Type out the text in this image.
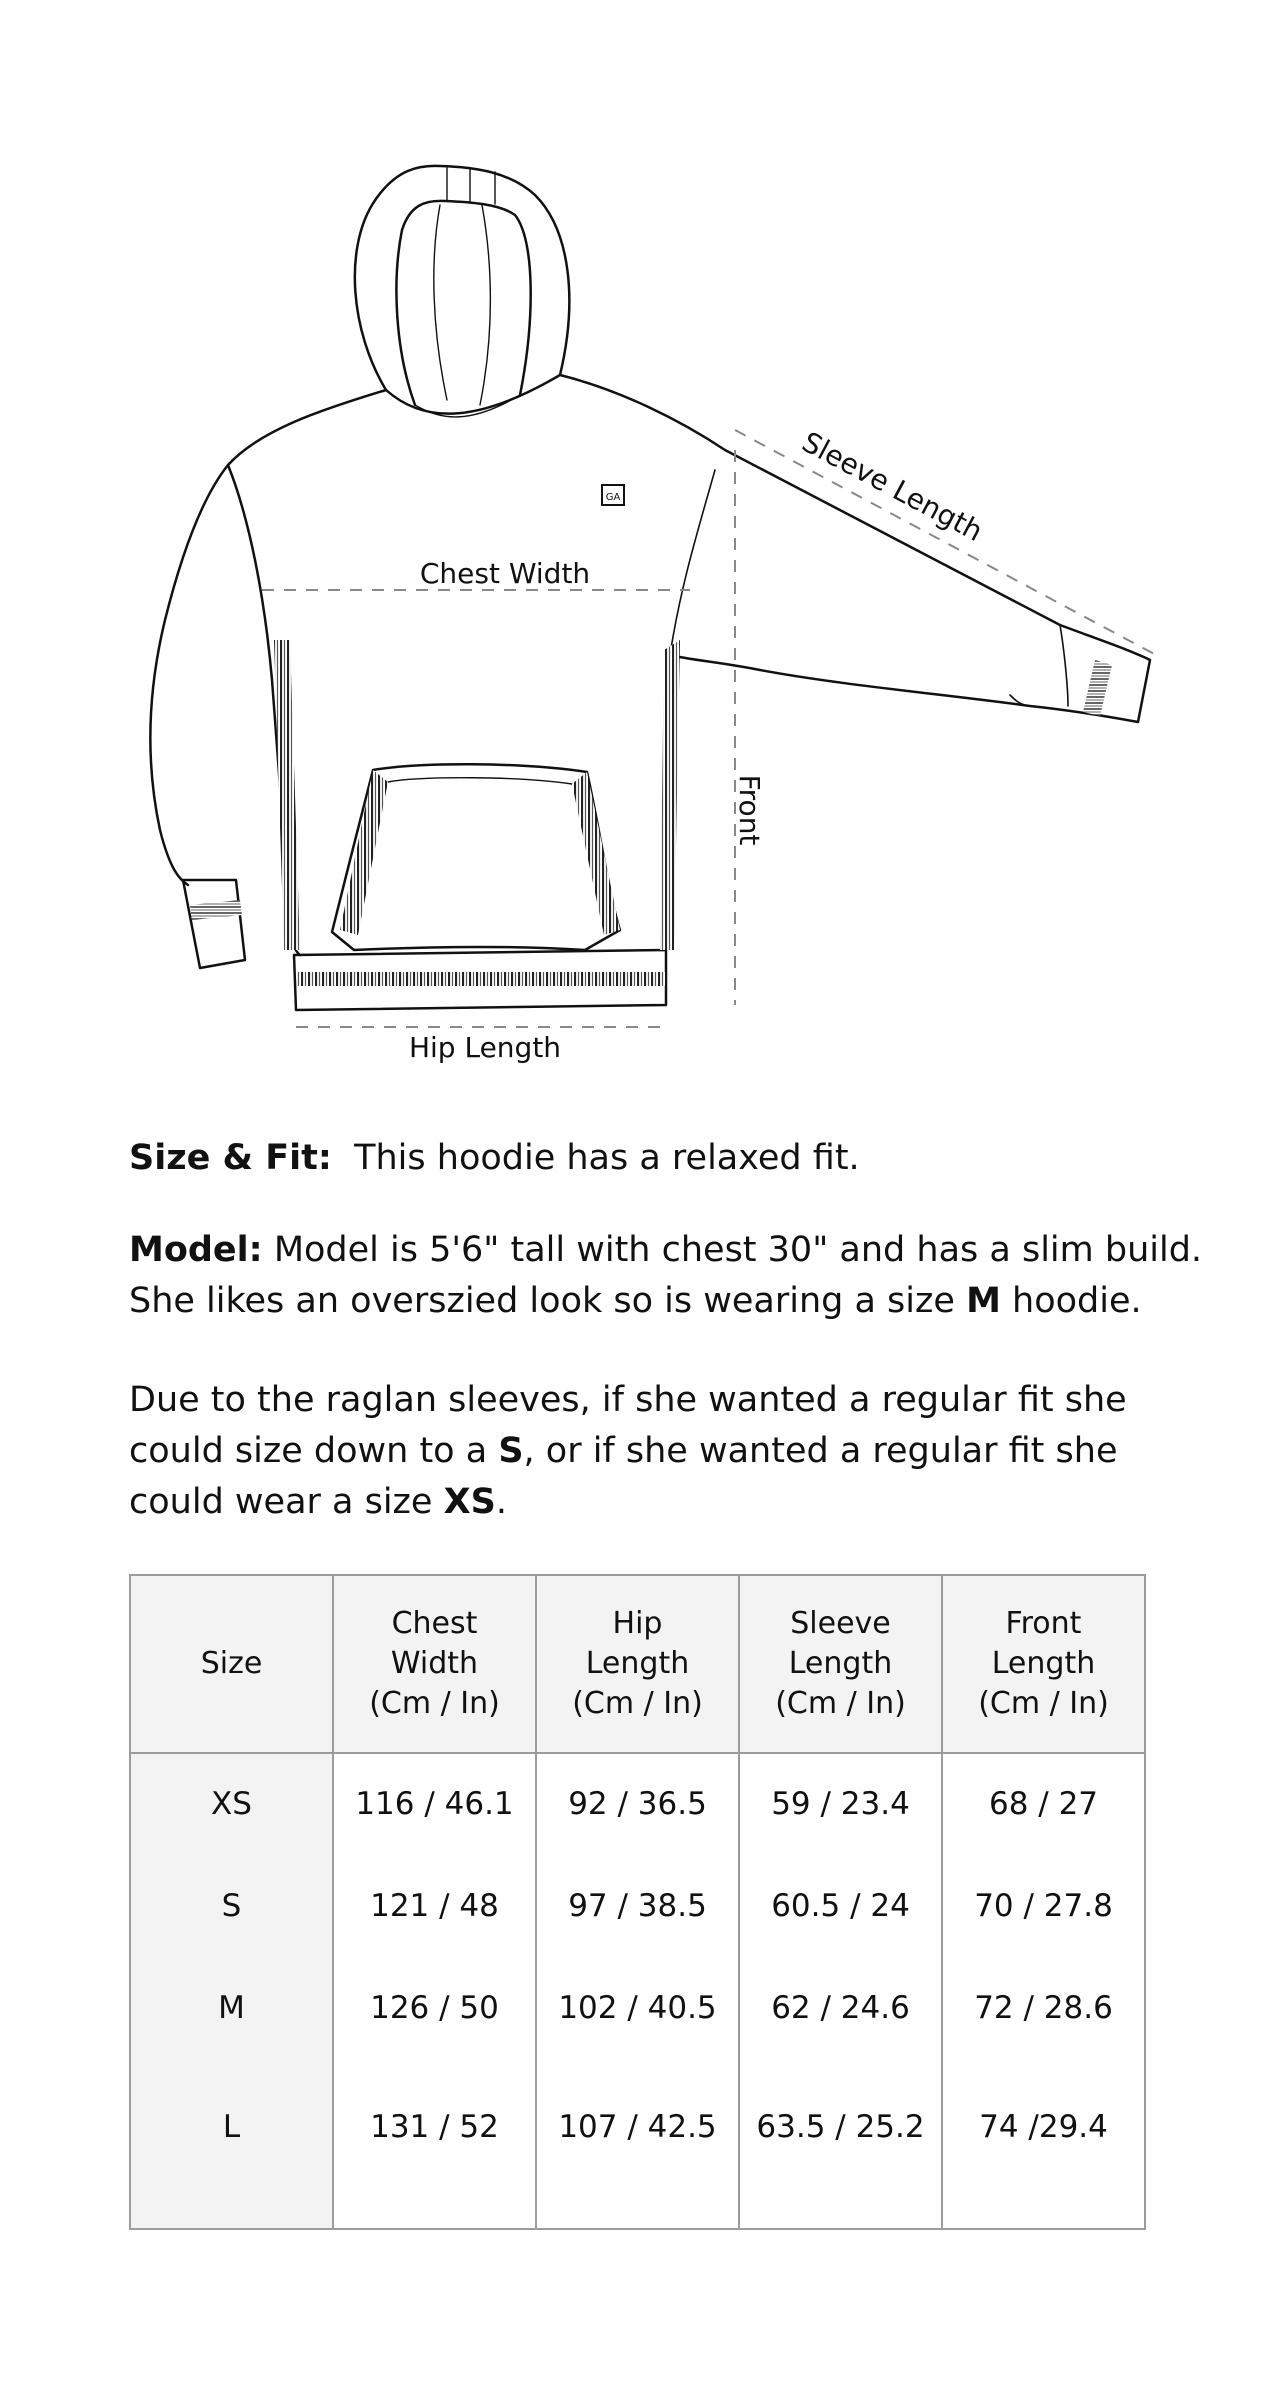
GA
Chest Width
Hip Length
Front
Sleeve Length
Size & Fit: This hoodie has a relaxed fit.
Model: Model is 5'6" tall with chest 30" and has a slim build.
She likes an overszied look so is wearing a size M hoodie.
Due to the raglan sleeves, if she wanted a regular fit she
could size down to a S, or if she wanted a regular fit she
could wear a size XS.
Size	Chest
Width
(Cm / In)	Hip
Length
(Cm / In)	Sleeve
Length
(Cm / In)	Front
Length
(Cm / In)
XS	116 / 46.1	92 / 36.5	59 / 23.4	68 / 27
S	121 / 48	97 / 38.5	60.5 / 24	70 / 27.8
M	126 / 50	102 / 40.5	62 / 24.6	72 / 28.6
L	131 / 52	107 / 42.5	63.5 / 25.2	74 /29.4
